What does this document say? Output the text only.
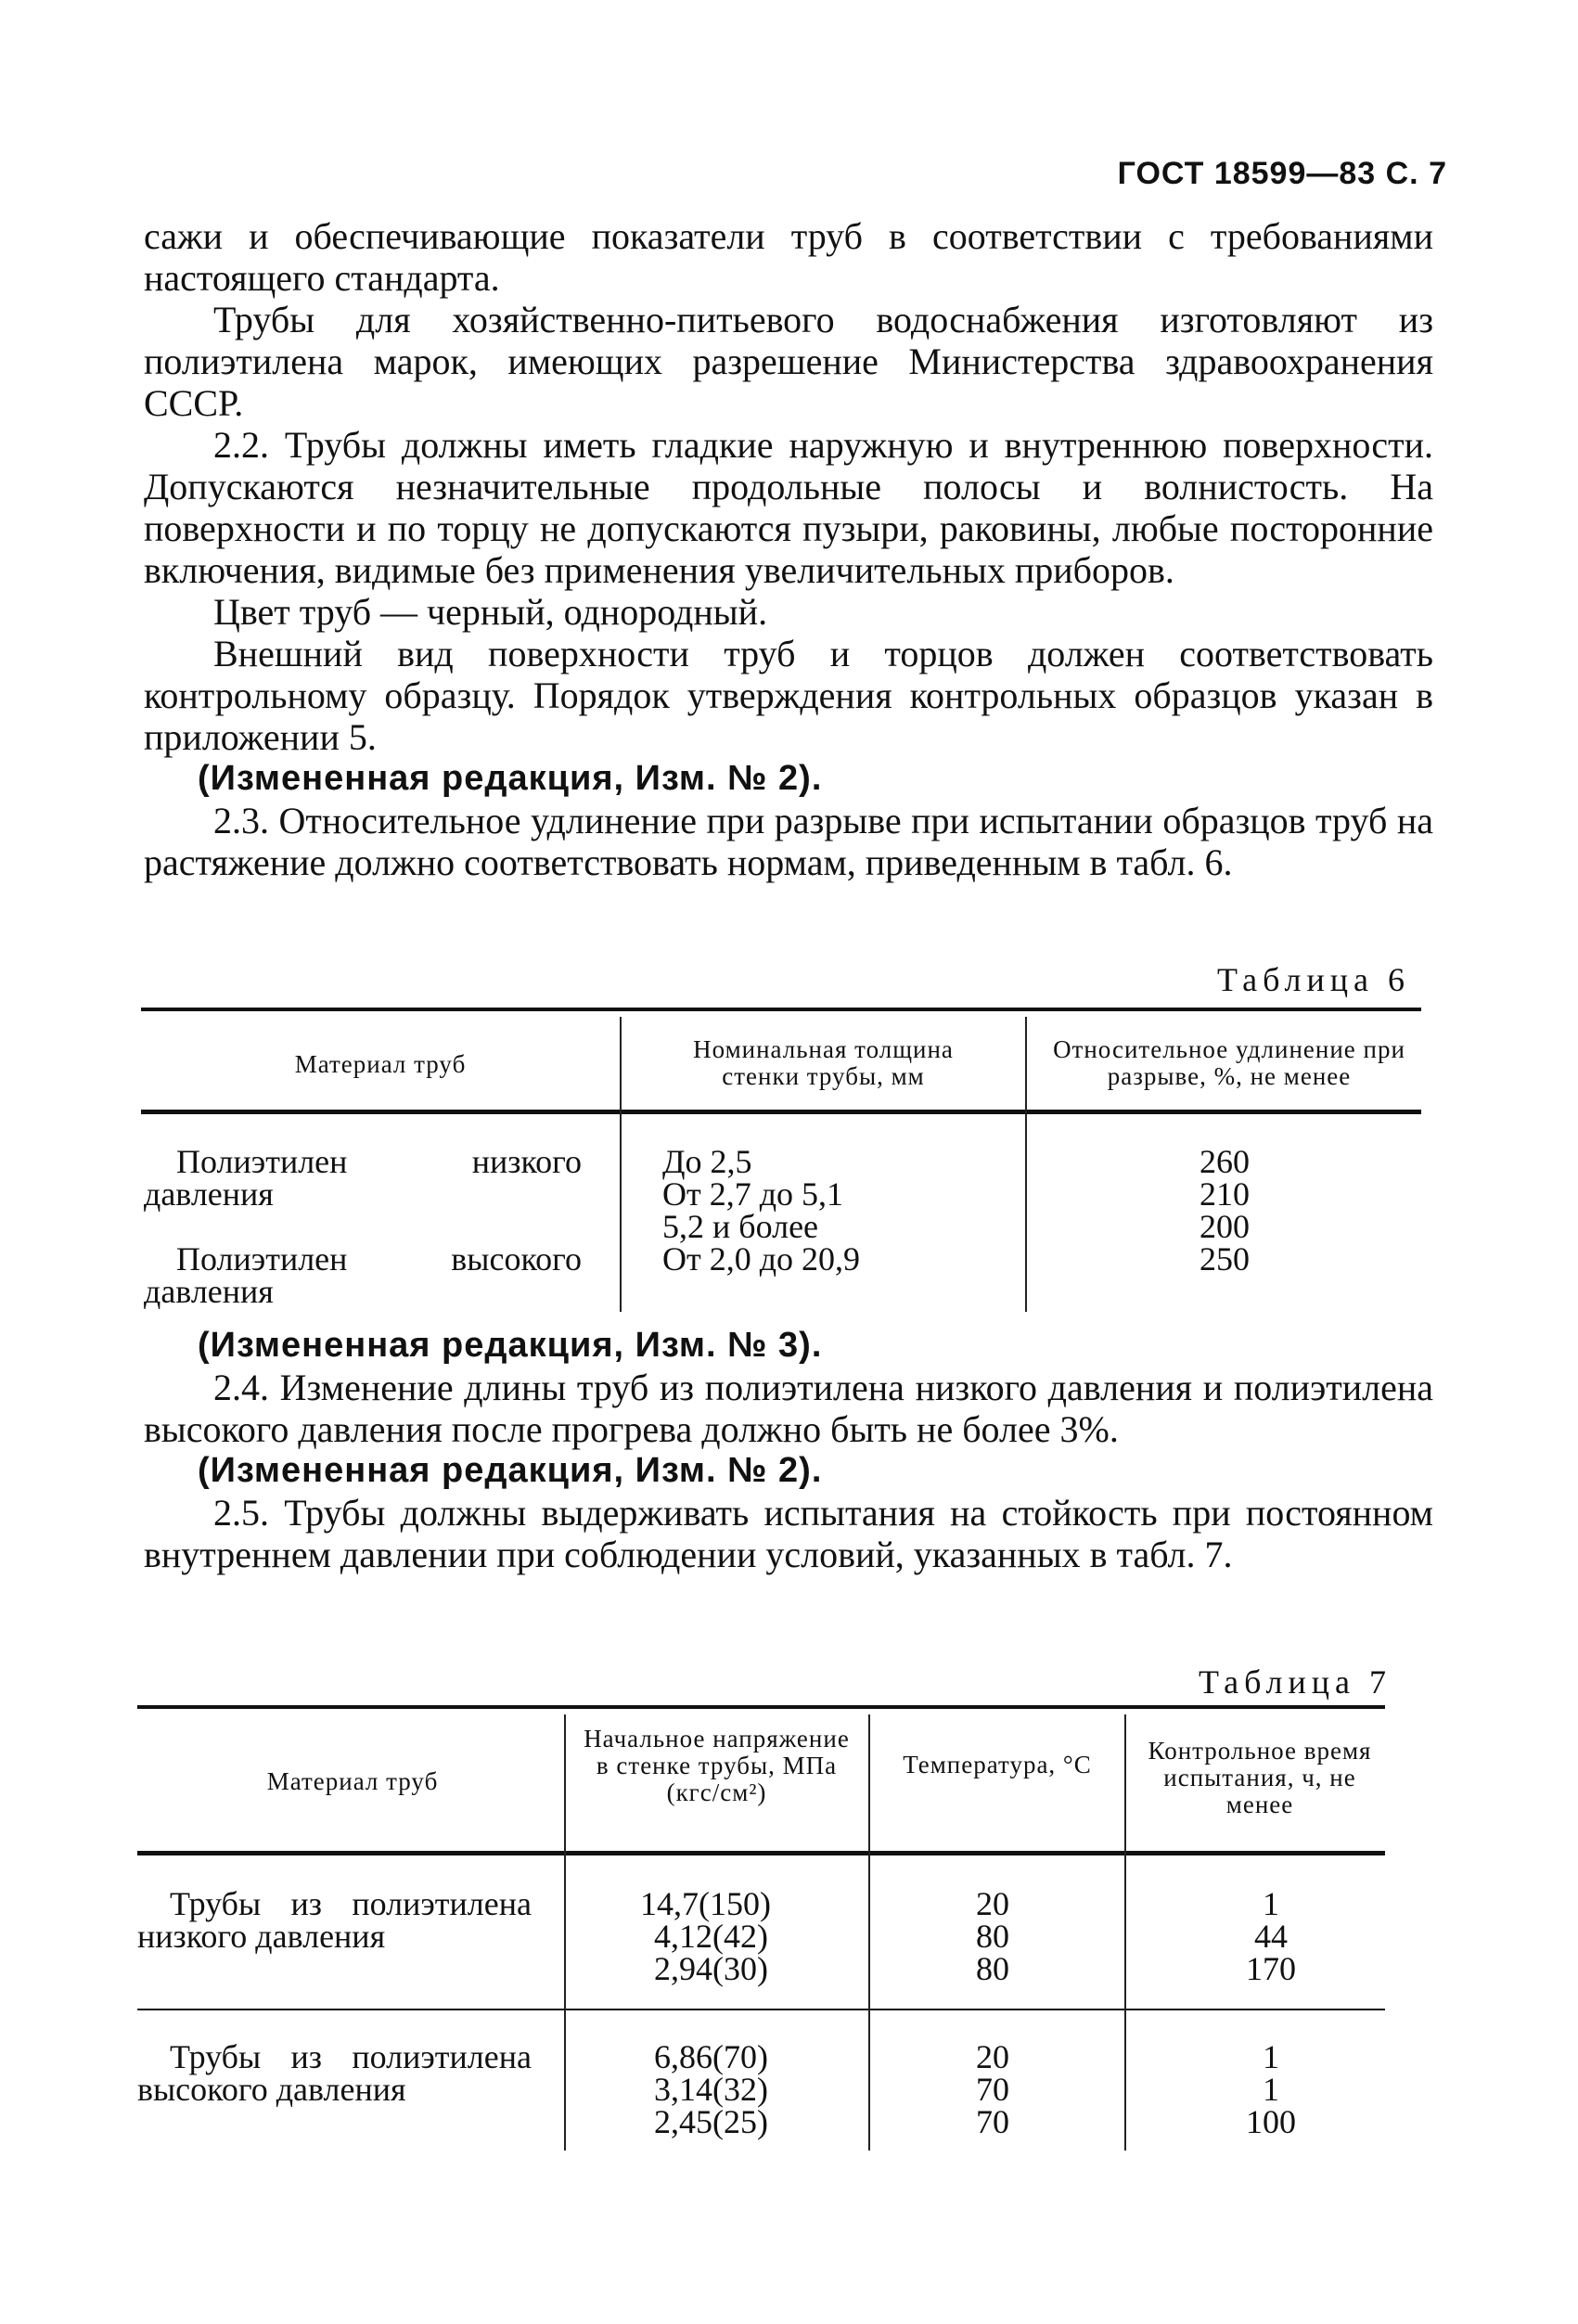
ГОСТ 18599—83 С. 7

сажи и обеспечивающие показатели труб в соответствии с требованиями настоящего стандарта.

Трубы для хозяйственно-питьевого водоснабжения изготовляют из полиэтилена марок, имеющих разрешение Министерства здравоохранения СССР.

2.2. Трубы должны иметь гладкие наружную и внутреннюю поверхности. Допускаются незначительные продольные полосы и волнистость. На поверхности и по торцу не допускаются пузыри, раковины, любые посторонние включения, видимые без применения увеличительных приборов.

Цвет труб — черный, однородный.

Внешний вид поверхности труб и торцов должен соответствовать контрольному образцу. Порядок утверждения контрольных образцов указан в приложении 5.

(Измененная редакция, Изм. № 2).

2.3. Относительное удлинение при разрыве при испытании образцов труб на растяжение должно соответствовать нормам, приведенным в табл. 6.

Таблица 6
Материал труб
Номинальная толщина стенки трубы, мм
Относительное удлинение при разрыве, %, не менее
Полиэтилен низкого давления
До 2,5
От 2,7 до 5,1
5,2 и более
260
210
200
Полиэтилен высокого давления
От 2,0 до 20,9	250

(Измененная редакция, Изм. № 3).

2.4. Изменение длины труб из полиэтилена низкого давления и полиэтилена высокого давления после прогрева должно быть не более 3%.

(Измененная редакция, Изм. № 2).

2.5. Трубы должны выдерживать испытания на стойкость при постоянном внутреннем давлении при соблюдении условий, указанных в табл. 7.

Таблица 7
Материал труб
Начальное напряжение в стенке трубы, МПа (кгс/см²)
Температура, °C	Контрольное время испытания, ч, не менее
Трубы из полиэтилена низкого давления
14,7(150)
4,12(42)
2,94(30)
20
80
80
1
44
170
Трубы из полиэтилена высокого давления
6,86(70)
3,14(32)
2,45(25)
20
70
70
1
1
100
